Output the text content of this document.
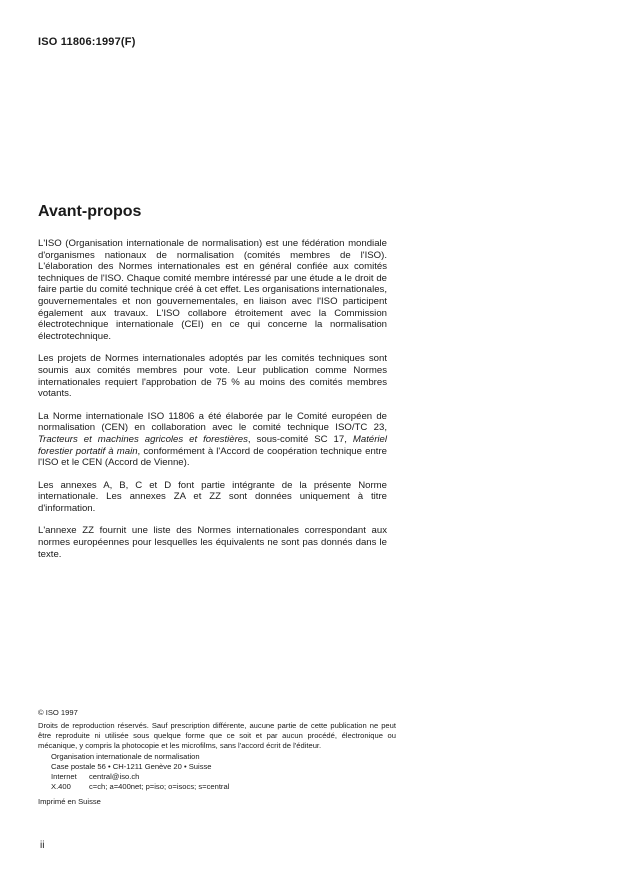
ISO 11806:1997(F)
Avant-propos

L'ISO (Organisation internationale de normalisation) est une fédération mondiale d'organismes nationaux de normalisation (comités membres de l'ISO). L'élaboration des Normes internationales est en général confiée aux comités techniques de l'ISO. Chaque comité membre intéressé par une étude a le droit de faire partie du comité technique créé à cet effet. Les organisations internationales, gouvernementales et non gouvernementales, en liaison avec l'ISO participent également aux travaux. L'ISO collabore étroitement avec la Commission électrotechnique internationale (CEI) en ce qui concerne la normalisation électrotechnique.

Les projets de Normes internationales adoptés par les comités techniques sont soumis aux comités membres pour vote. Leur publication comme Normes internationales requiert l'approbation de 75 % au moins des comités membres votants.

La Norme internationale ISO 11806 a été élaborée par le Comité européen de normalisation (CEN) en collaboration avec le comité technique ISO/TC 23, Tracteurs et machines agricoles et forestières, sous-comité SC 17, Matériel forestier portatif à main, conformément à l'Accord de coopération technique entre l'ISO et le CEN (Accord de Vienne).

Les annexes A, B, C et D font partie intégrante de la présente Norme internationale. Les annexes ZA et ZZ sont données uniquement à titre d'information.

L'annexe ZZ fournit une liste des Normes internationales correspondant aux normes européennes pour lesquelles les équivalents ne sont pas donnés dans le texte.

© ISO 1997

Droits de reproduction réservés. Sauf prescription différente, aucune partie de cette publication ne peut être reproduite ni utilisée sous quelque forme que ce soit et par aucun procédé, électronique ou mécanique, y compris la photocopie et les microfilms, sans l'accord écrit de l'éditeur.

Organisation internationale de normalisation
Case postale 56 • CH-1211 Genève 20 • Suisse
Internet	central@iso.ch
X.400	c=ch; a=400net; p=iso; o=isocs; s=central

Imprimé en Suisse

ii
